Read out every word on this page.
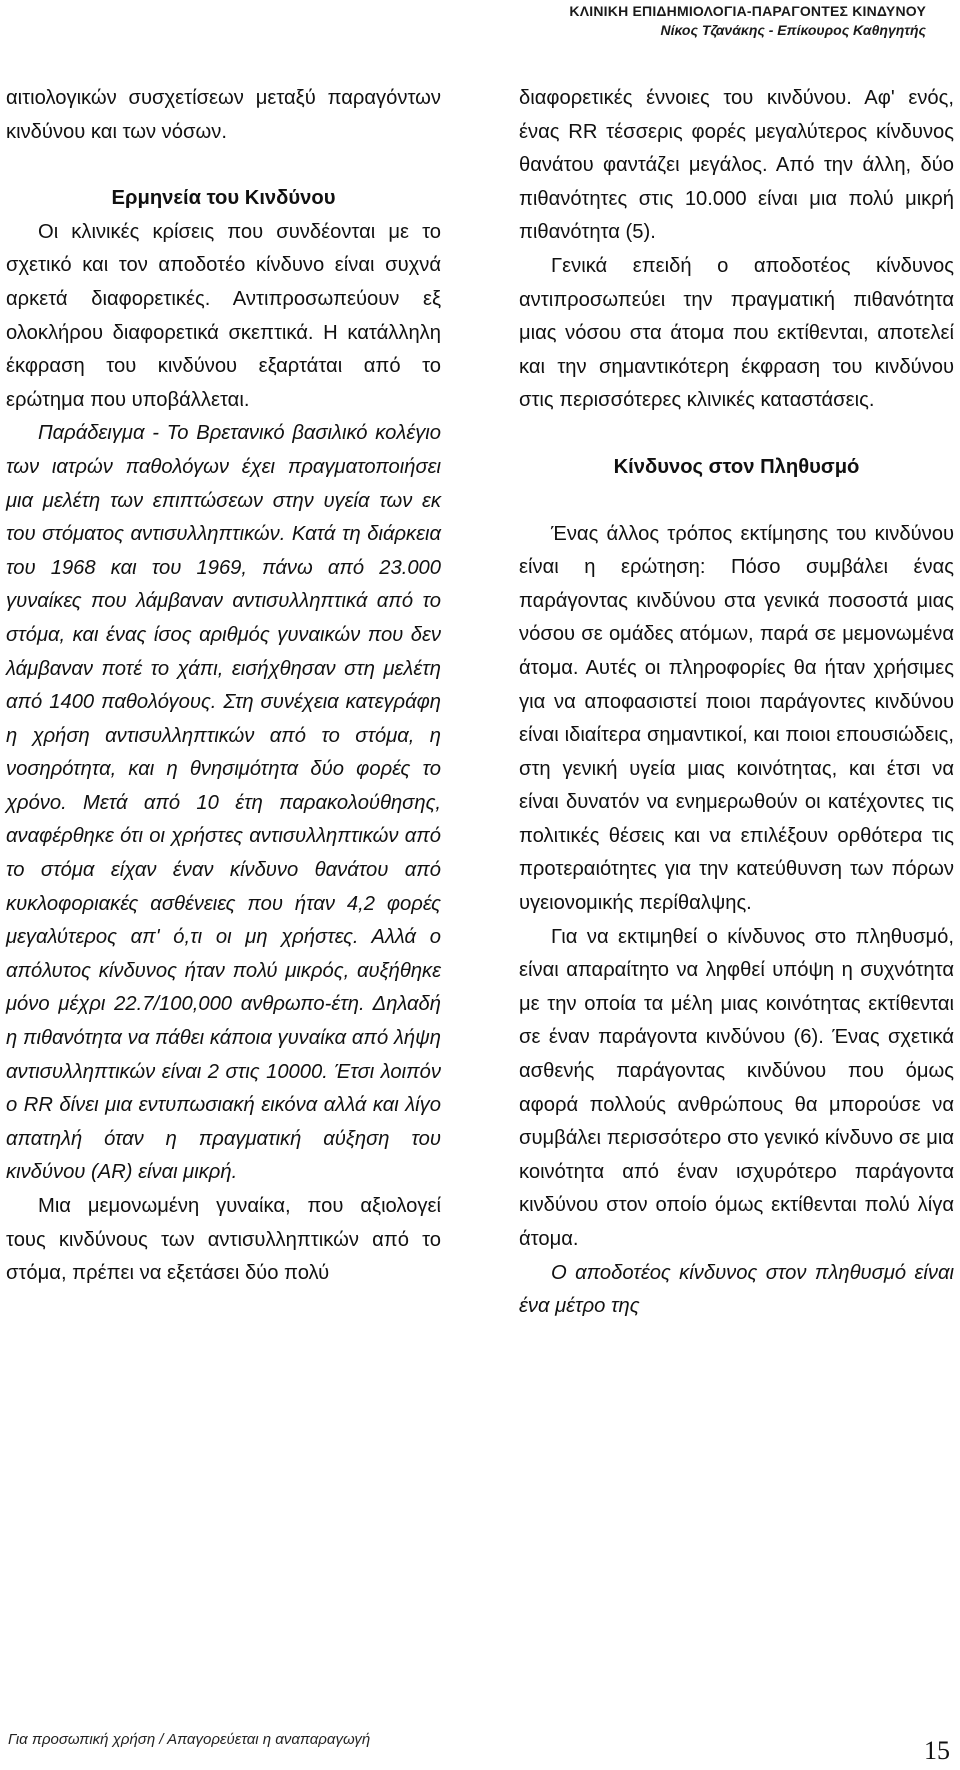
ΚΛΙΝΙΚΗ ΕΠΙΔΗΜΙΟΛΟΓΙΑ-ΠΑΡΑΓΟΝΤΕΣ ΚΙΝΔΥΝΟΥ
Νίκος Τζανάκης - Επίκουρος Καθηγητής

αιτιολογικών συσχετίσεων μεταξύ παραγόντων κινδύνου και των νόσων.

Ερμηνεία του Κινδύνου

Οι κλινικές κρίσεις που συνδέονται με το σχετικό και τον αποδοτέο κίνδυνο είναι συχνά αρκετά διαφορετικές. Αντιπροσωπεύουν εξ ολοκλήρου διαφορετικά σκεπτικά. Η κατάλληλη έκφραση του κινδύνου εξαρτάται από το ερώτημα που υποβάλλεται.

Παράδειγμα - Το Βρετανικό βασιλικό κολέγιο των ιατρών παθολόγων έχει πραγματοποιήσει μια μελέτη των επιπτώσεων στην υγεία των εκ του στόματος αντισυλληπτικών. Κατά τη διάρκεια του 1968 και του 1969, πάνω από 23.000 γυναίκες που λάμβαναν αντισυλληπτικά από το στόμα, και ένας ίσος αριθμός γυναικών που δεν λάμβαναν ποτέ το χάπι, εισήχθησαν στη μελέτη από 1400 παθολόγους. Στη συνέχεια κατεγράφη η χρήση αντισυλληπτικών από το στόμα, η νοσηρότητα, και η θνησιμότητα δύο φορές το χρόνο. Μετά από 10 έτη παρακολούθησης, αναφέρθηκε ότι οι χρήστες αντισυλληπτικών από το στόμα είχαν έναν κίνδυνο θανάτου από κυκλοφοριακές ασθένειες που ήταν 4,2 φορές μεγαλύτερος απ' ό,τι οι μη χρήστες. Αλλά ο απόλυτος κίνδυνος ήταν πολύ μικρός, αυξήθηκε μόνο μέχρι 22.7/100,000 ανθρωπο-έτη. Δηλαδή η πιθανότητα να πάθει κάποια γυναίκα από λήψη αντισυλληπτικών είναι 2 στις 10000. Έτσι λοιπόν ο RR δίνει μια εντυπωσιακή εικόνα αλλά και λίγο απατηλή όταν η πραγματική αύξηση του κινδύνου (AR) είναι μικρή.

Μια μεμονωμένη γυναίκα, που αξιολογεί τους κινδύνους των αντισυλληπτικών από το στόμα, πρέπει να εξετάσει δύο πολύ

διαφορετικές έννοιες του κινδύνου. Αφ' ενός, ένας RR τέσσερις φορές μεγαλύτερος κίνδυνος θανάτου φαντάζει μεγάλος. Από την άλλη, δύο πιθανότητες στις 10.000 είναι μια πολύ μικρή πιθανότητα (5).

Γενικά επειδή ο αποδοτέος κίνδυνος αντιπροσωπεύει την πραγματική πιθανότητα μιας νόσου στα άτομα που εκτίθενται, αποτελεί και την σημαντικότερη έκφραση του κινδύνου στις περισσότερες κλινικές καταστάσεις.

Κίνδυνος στον Πληθυσμό

Ένας άλλος τρόπος εκτίμησης του κινδύνου είναι η ερώτηση: Πόσο συμβάλει ένας παράγοντας κινδύνου στα γενικά ποσοστά μιας νόσου σε ομάδες ατόμων, παρά σε μεμονωμένα άτομα. Αυτές οι πληροφορίες θα ήταν χρήσιμες για να αποφασιστεί ποιοι παράγοντες κινδύνου είναι ιδιαίτερα σημαντικοί, και ποιοι επουσιώδεις, στη γενική υγεία μιας κοινότητας, και έτσι να είναι δυνατόν να ενημερωθούν οι κατέχοντες τις πολιτικές θέσεις και να επιλέξουν ορθότερα τις προτεραιότητες για την κατεύθυνση των πόρων υγειονομικής περίθαλψης.

Για να εκτιμηθεί ο κίνδυνος στο πληθυσμό, είναι απαραίτητο να ληφθεί υπόψη η συχνότητα με την οποία τα μέλη μιας κοινότητας εκτίθενται σε έναν παράγοντα κινδύνου (6). Ένας σχετικά ασθενής παράγοντας κινδύνου που όμως αφορά πολλούς ανθρώπους θα μπορούσε να συμβάλει περισσότερο στο γενικό κίνδυνο σε μια κοινότητα από έναν ισχυρότερο παράγοντα κινδύνου στον οποίο όμως εκτίθενται πολύ λίγα άτομα.

Ο αποδοτέος κίνδυνος στον πληθυσμό είναι ένα μέτρο της

Για προσωπική χρήση / Απαγορεύεται η αναπαραγωγή	15
